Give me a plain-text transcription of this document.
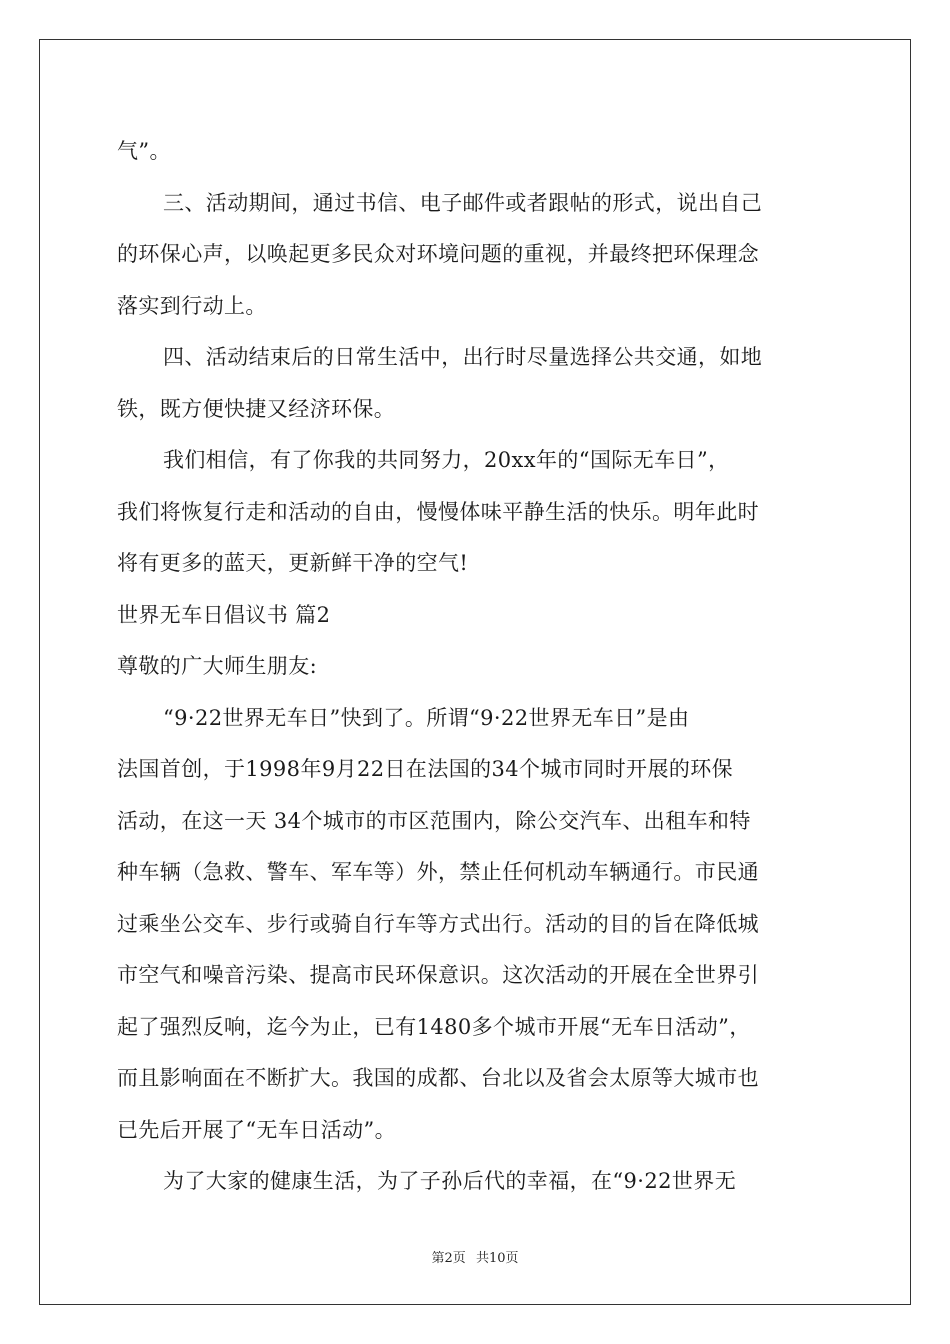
气”。
三、活动期间，通过书信、电子邮件或者跟帖的形式，说出自己
的环保心声，以唤起更多民众对环境问题的重视，并最终把环保理念
落实到行动上。
四、活动结束后的日常生活中，出行时尽量选择公共交通，如地
铁，既方便快捷又经济环保。
我们相信，有了你我的共同努力，20xx年的“国际无车日”，
我们将恢复行走和活动的自由，慢慢体味平静生活的快乐。明年此时
将有更多的蓝天，更新鲜干净的空气!
世界无车日倡议书 篇2
尊敬的广大师生朋友:
“9·22世界无车日”快到了。所谓“9·22世界无车日”是由
法国首创，于1998年9月22日在法国的34个城市同时开展的环保
活动，在这一天 34个城市的市区范围内，除公交汽车、出租车和特
种车辆（急救、警车、军车等）外，禁止任何机动车辆通行。市民通
过乘坐公交车、步行或骑自行车等方式出行。活动的目的旨在降低城
市空气和噪音污染、提高市民环保意识。这次活动的开展在全世界引
起了强烈反响，迄今为止，已有1480多个城市开展“无车日活动”，
而且影响面在不断扩大。我国的成都、台北以及省会太原等大城市也
已先后开展了“无车日活动”。
为了大家的健康生活，为了子孙后代的幸福，在“9·22世界无
第2页 共10页
